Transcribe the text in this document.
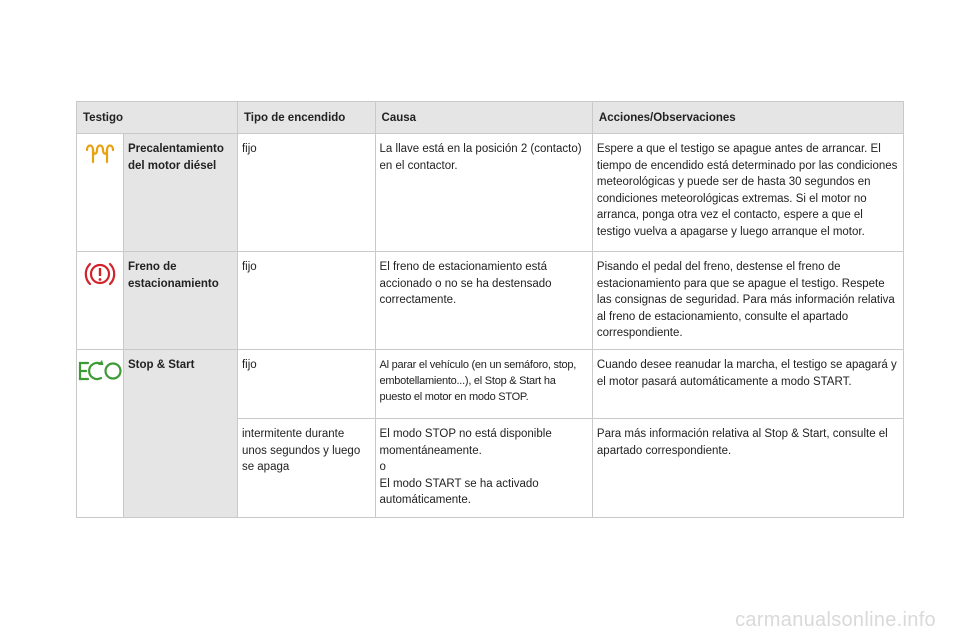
Testigo		Tipo de encendido	Causa	Acciones/Observaciones

	Precalentamiento del motor diésel	fijo	La llave está en la posición 2 (contacto) en el contactor.	Espere a que el testigo se apague antes de arrancar. El tiempo de encendido está determinado por las condiciones meteorológicas y puede ser de hasta 30 segundos en condiciones meteorológicas extremas. Si el motor no arranca, ponga otra vez el contacto, espere a que el testigo vuelva a apagarse y luego arranque el motor.

	Freno de estacionamiento	fijo	El freno de estacionamiento está accionado o no se ha destensado correctamente.	Pisando el pedal del freno, destense el freno de estacionamiento para que se apague el testigo. Respete las consignas de seguridad. Para más información relativa al freno de estacionamiento, consulte el apartado correspondiente.

	Stop & Start	fijo	Al parar el vehículo (en un semáforo, stop, embotellamiento...), el Stop & Start ha puesto el motor en modo STOP.	Cuando desee reanudar la marcha, el testigo se apagará y el motor pasará automáticamente a modo START.
		intermitente durante unos segundos y luego se apaga	El modo STOP no está disponible momentáneamente.
o
El modo START se ha activado automáticamente.	Para más información relativa al Stop & Start, consulte el apartado correspondiente.
carmanualsonline.info
